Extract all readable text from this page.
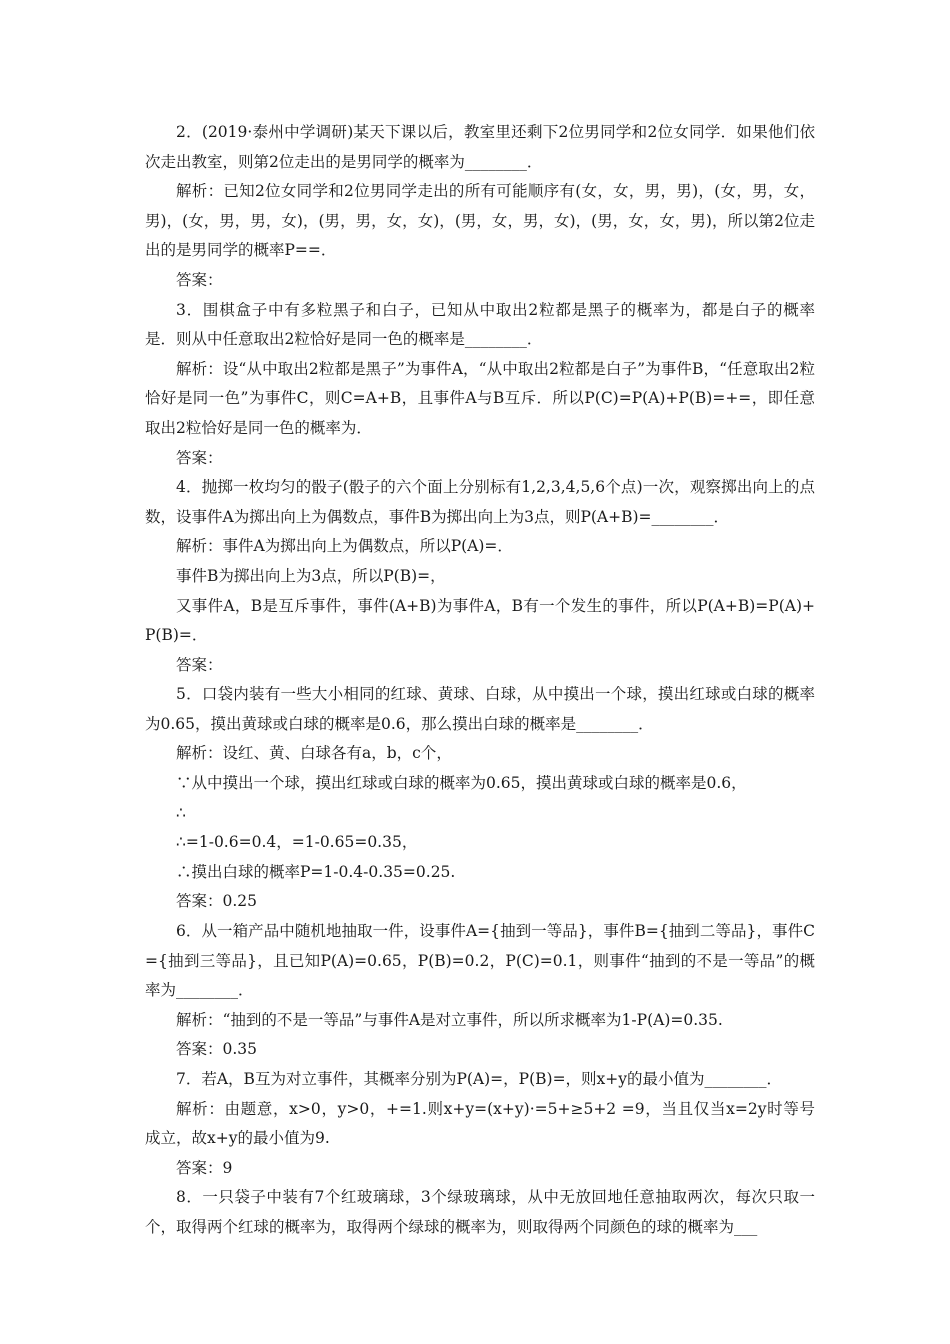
2．(2019·泰州中学调研)某天下课以后，教室里还剩下2位男同学和2位女同学．如果他们依次走出教室，则第2位走出的是男同学的概率为________．

解析：已知2位女同学和2位男同学走出的所有可能顺序有(女，女，男，男)，(女，男，女，男)，(女，男，男，女)，(男，男，女，女)，(男，女，男，女)，(男，女，女，男)，所以第2位走出的是男同学的概率P==．

答案：

3．围棋盒子中有多粒黑子和白子，已知从中取出2粒都是黑子的概率为，都是白子的概率是．则从中任意取出2粒恰好是同一色的概率是________．

解析：设“从中取出2粒都是黑子”为事件A，“从中取出2粒都是白子”为事件B，“任意取出2粒恰好是同一色”为事件C，则C=A+B，且事件A与B互斥．所以P(C)=P(A)+P(B)=+=，即任意取出2粒恰好是同一色的概率为．

答案：

4．抛掷一枚均匀的骰子(骰子的六个面上分别标有1,2,3,4,5,6个点)一次，观察掷出向上的点数，设事件A为掷出向上为偶数点，事件B为掷出向上为3点，则P(A+B)=________．

解析：事件A为掷出向上为偶数点，所以P(A)=．

事件B为掷出向上为3点，所以P(B)=，

又事件A，B是互斥事件，事件(A+B)为事件A，B有一个发生的事件，所以P(A+B)=P(A)+P(B)=．

答案：

5．口袋内装有一些大小相同的红球、黄球、白球，从中摸出一个球，摸出红球或白球的概率为0.65，摸出黄球或白球的概率是0.6，那么摸出白球的概率是________．

解析：设红、黄、白球各有a，b，c个，

∵从中摸出一个球，摸出红球或白球的概率为0.65，摸出黄球或白球的概率是0.6，

∴

∴=1-0.6=0.4，=1-0.65=0.35，

∴摸出白球的概率P=1-0.4-0.35=0.25.

答案：0.25

6．从一箱产品中随机地抽取一件，设事件A={抽到一等品}，事件B={抽到二等品}，事件C={抽到三等品}，且已知P(A)=0.65，P(B)=0.2，P(C)=0.1，则事件“抽到的不是一等品”的概率为________．

解析：“抽到的不是一等品”与事件A是对立事件，所以所求概率为1-P(A)=0.35.

答案：0.35

7．若A，B互为对立事件，其概率分别为P(A)=，P(B)=，则x+y的最小值为________．

解析：由题意，x>0，y>0，+=1.则x+y=(x+y)·=5+≥5+2 =9，当且仅当x=2y时等号成立，故x+y的最小值为9.

答案：9

8．一只袋子中装有7个红玻璃球，3个绿玻璃球，从中无放回地任意抽取两次，每次只取一个，取得两个红球的概率为，取得两个绿球的概率为，则取得两个同颜色的球的概率为___
